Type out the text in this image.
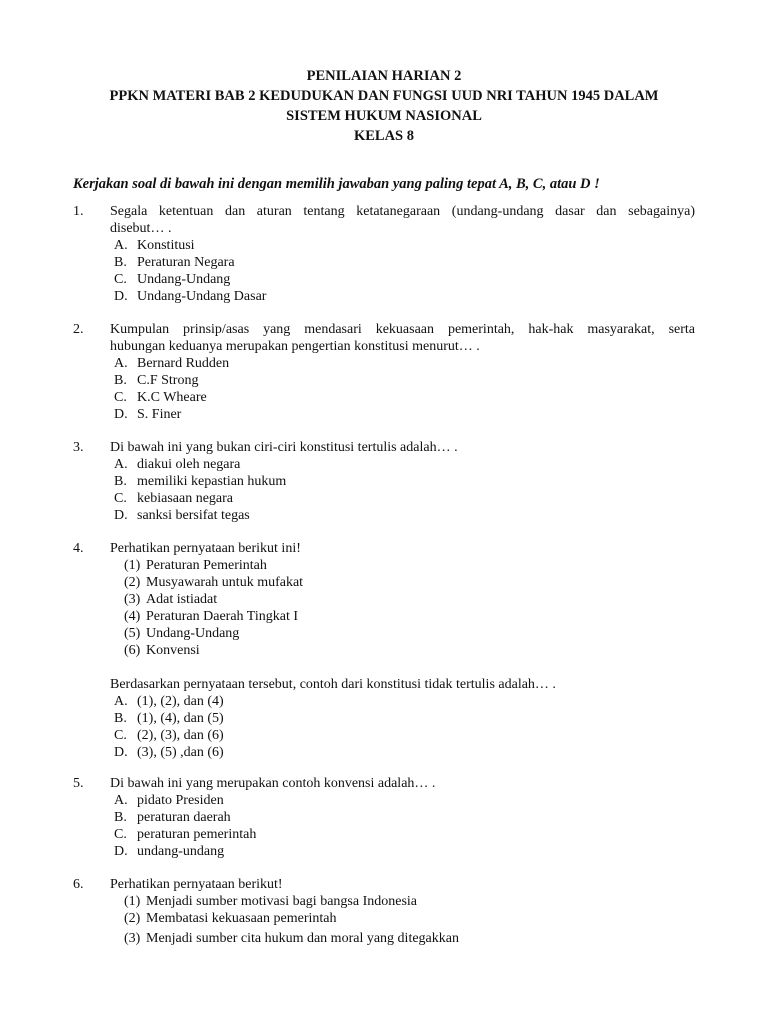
PENILAIAN HARIAN 2
PPKN MATERI BAB 2 KEDUDUKAN DAN FUNGSI UUD NRI TAHUN 1945 DALAM
SISTEM HUKUM NASIONAL
KELAS 8
Kerjakan soal di bawah ini dengan memilih jawaban yang paling tepat A, B, C, atau D !
1. Segala ketentuan dan aturan tentang ketatanegaraan (undang-undang dasar dan sebagainya)
disebut… .
A. Konstitusi
B. Peraturan Negara
C. Undang-Undang
D. Undang-Undang Dasar
2. Kumpulan prinsip/asas yang mendasari kekuasaan pemerintah, hak-hak masyarakat, serta
hubungan keduanya merupakan pengertian konstitusi menurut… .
A. Bernard Rudden
B. C.F Strong
C. K.C Wheare
D. S. Finer
3. Di bawah ini yang bukan ciri-ciri konstitusi tertulis adalah… .
A. diakui oleh negara
B. memiliki kepastian hukum
C. kebiasaan negara
D. sanksi bersifat tegas
4. Perhatikan pernyataan berikut ini!
(1) Peraturan Pemerintah
(2) Musyawarah untuk mufakat
(3) Adat istiadat
(4) Peraturan Daerah Tingkat I
(5) Undang-Undang
(6) Konvensi
Berdasarkan pernyataan tersebut, contoh dari konstitusi tidak tertulis adalah… .
A. (1), (2), dan (4)
B. (1), (4), dan (5)
C. (2), (3), dan (6)
D. (3), (5) ,dan (6)
5. Di bawah ini yang merupakan contoh konvensi adalah… .
A. pidato Presiden
B. peraturan daerah
C. peraturan pemerintah
D. undang-undang
6. Perhatikan pernyataan berikut!
(1) Menjadi sumber motivasi bagi bangsa Indonesia
(2) Membatasi kekuasaan pemerintah
(3) Menjadi sumber cita hukum dan moral yang ditegakkan
